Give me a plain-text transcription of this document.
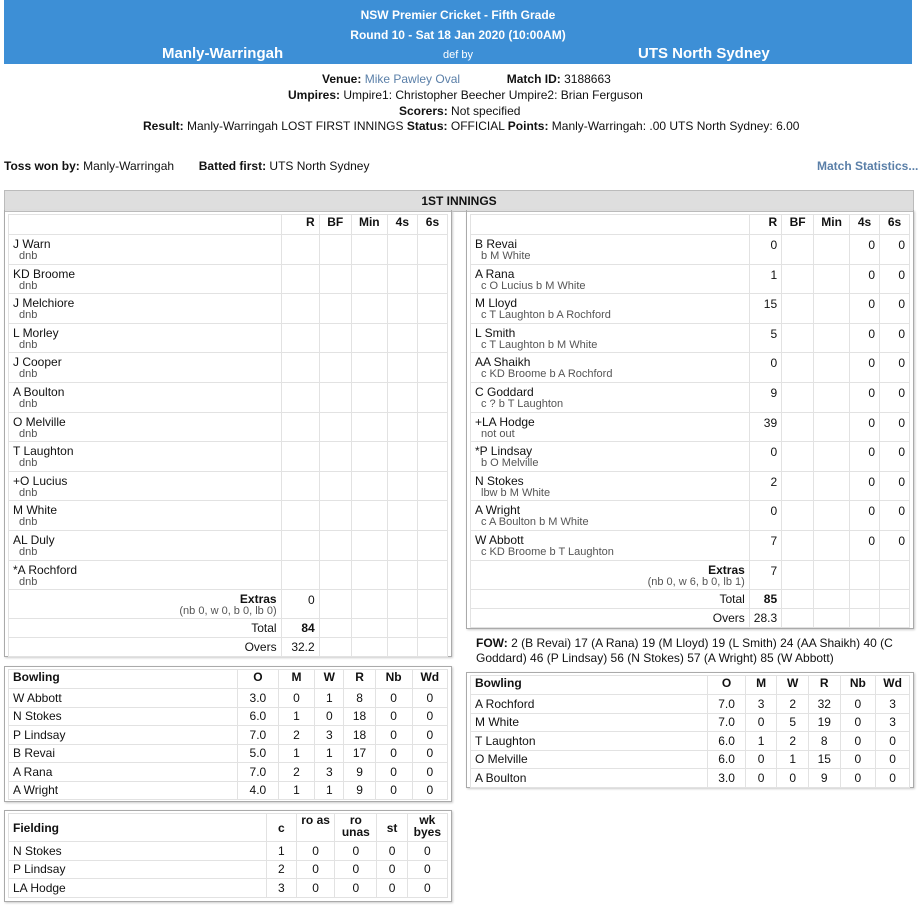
NSW Premier Cricket - Fifth Grade
Round 10 - Sat 18 Jan 2020 (10:00AM)
Manly-Warringah	def by	UTS North Sydney
Venue: Mike Pawley Oval	Match ID: 3188663
Umpires: Umpire1: Christopher Beecher Umpire2: Brian Ferguson
Scorers: Not specified
Result: Manly-Warringah LOST FIRST INNINGS Status: OFFICIAL Points: Manly-Warringah: .00 UTS North Sydney: 6.00
Toss won by: Manly-Warringah Batted first: UTS North Sydney	Match Statistics...
1ST INNINGS
	R	BF	Min	4s	6s

J Warn
dnb					

KD Broome
dnb					

J Melchiore
dnb					

L Morley
dnb					

J Cooper
dnb					

A Boulton
dnb					

O Melville
dnb					

T Laughton
dnb					

+O Lucius
dnb					

M White
dnb					

AL Duly
dnb					

*A Rochford
dnb					

Extras
(nb 0, w 0, b 0, lb 0)	0				
Total	84				
Overs	32.2				
	R	BF	Min	4s	6s

B Revai
b M White	0			0	0

A Rana
c O Lucius b M White	1			0	0

M Lloyd
c T Laughton b A Rochford	15			0	0

L Smith
c T Laughton b M White	5			0	0

AA Shaikh
c KD Broome b A Rochford	0			0	0

C Goddard
c ? b T Laughton	9			0	0

+LA Hodge
not out	39			0	0

*P Lindsay
b O Melville	0			0	0

N Stokes
lbw b M White	2			0	0

A Wright
c A Boulton b M White	0			0	0

W Abbott
c KD Broome b T Laughton	7			0	0

Extras
(nb 0, w 6, b 0, lb 1)	7				
Total	85				
Overs	28.3				
FOW: 2 (B Revai) 17 (A Rana) 19 (M Lloyd) 19 (L Smith) 24 (AA Shaikh) 40 (C Goddard) 46 (P Lindsay) 56 (N Stokes) 57 (A Wright) 85 (W Abbott)
Bowling	O	M	W	R	Nb	Wd
W Abbott	3.0	0	1	8	0	0
N Stokes	6.0	1	0	18	0	0
P Lindsay	7.0	2	3	18	0	0
B Revai	5.0	1	1	17	0	0
A Rana	7.0	2	3	9	0	0
A Wright	4.0	1	1	9	0	0
Bowling	O	M	W	R	Nb	Wd
A Rochford	7.0	3	2	32	0	3
M White	7.0	0	5	19	0	3
T Laughton	6.0	1	2	8	0	0
O Melville	6.0	0	1	15	0	0
A Boulton	3.0	0	0	9	0	0
Fielding	c	ro as	ro unas	st	wk byes
N Stokes	1	0	0	0	0
P Lindsay	2	0	0	0	0
LA Hodge	3	0	0	0	0
